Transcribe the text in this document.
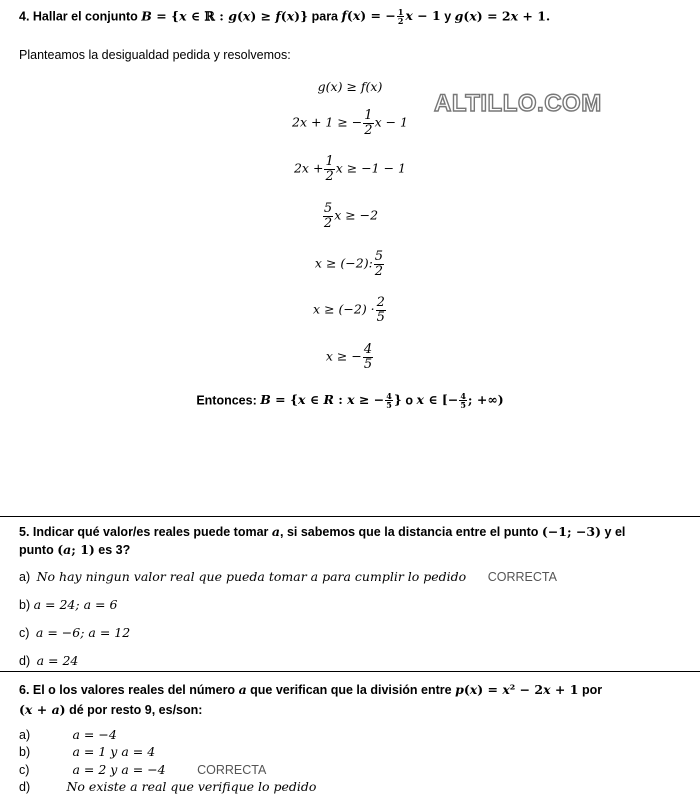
4. Hallar el conjunto B = {x ∈ ℝ : g(x) ≥ f(x)} para f(x) = − $\frac{1}{2}$ x − 1 y g(x) = 2x + 1.
Planteamos la desigualdad pedida y resolvemos:
ALTILLO.COM
g(x) ≥ f(x)
2x + 1 ≥ − $\frac{1}{2}$ x − 1
$2x + \frac{1}{2}$ x ≥ −1 − 1
$\frac{5}{2}$ x ≥ −2
x ≥ (−2): $\frac{5}{2}$
$x \ge (-2) \cdot \frac{2}{5}$
x ≥ − $\frac{4}{5}$
Entonces: B = {x ∈ R : x ≥ − $\frac{4}{5}$ } o x ∈ [− $\frac{4}{5}$ ; +∞)
5. Indicar qué valor/es reales puede tomar a, si sabemos que la distancia entre el punto (−1; −3) y el
punto (a; 1) es 3?
a) No hay ningun valor real que pueda tomar a para cumplir lo pedido CORRECTA
b) a = 24; a = 6
c) a = −6; a = 12
d) a = 24
6. El o los valores reales del número a que verifican que la división entre p(x) = x² − 2x + 1 por
(x + a) dé por resto 9, es/son:
a)	a = −4
b)	a = 1 y a = 4
c)	a = 2 y a = −4	CORRECTA
d)	No existe a real que verifique lo pedido
